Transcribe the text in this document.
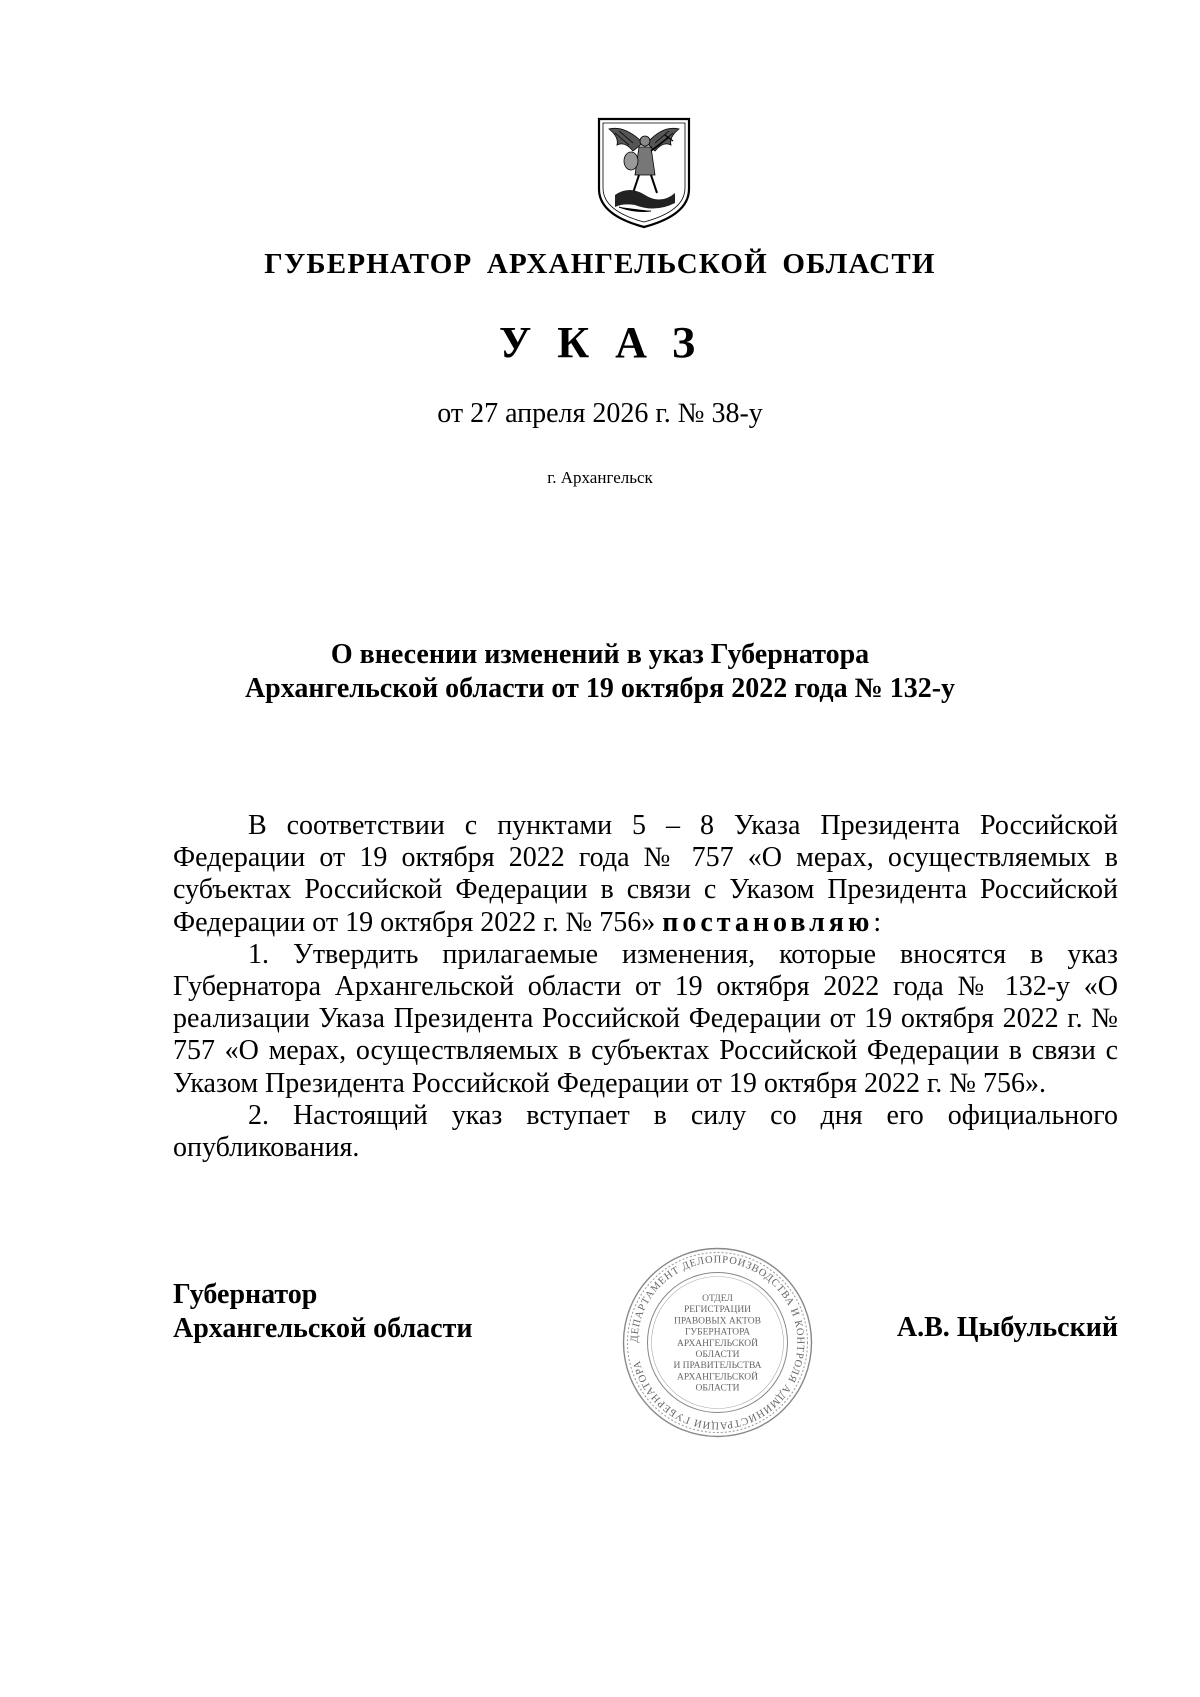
ГУБЕРНАТОР АРХАНГЕЛЬСКОЙ ОБЛАСТИ
УКАЗ
от 27 апреля 2026 г. № 38-у
г. Архангельск
О внесении изменений в указ Губернатора
Архангельской области от 19 октября 2022 года № 132-у

В соответствии с пунктами 5 – 8 Указа Президента Российской Федерации от 19 октября 2022 года № 757 «О мерах, осуществляемых в субъектах Российской Федерации в связи с Указом Президента Российской Федерации от 19 октября 2022 г. № 756» постановляю:

1. Утвердить прилагаемые изменения, которые вносятся в указ Губернатора Архангельской области от 19 октября 2022 года № 132-у «О реализации Указа Президента Российской Федерации от 19 октября 2022 г. № 757 «О мерах, осуществляемых в субъектах Российской Федерации в связи с Указом Президента Российской Федерации от 19 октября 2022 г. № 756».

2. Настоящий указ вступает в силу со дня его официального опубликования.

Губернатор
Архангельской области	ДЕПАРТАМЕНТ ДЕЛОПРОИЗВОДСТВА И КОНТРОЛЯ АДМИНИСТРАЦИИ ГУБЕРНАТОРА
ОТДЕЛ
РЕГИСТРАЦИИ
ПРАВОВЫХ АКТОВ
ГУБЕРНАТОРА
АРХАНГЕЛЬСКОЙ
ОБЛАСТИ
И ПРАВИТЕЛЬСТВА
АРХАНГЕЛЬСКОЙ
ОБЛАСТИ
А.В. Цыбульский
